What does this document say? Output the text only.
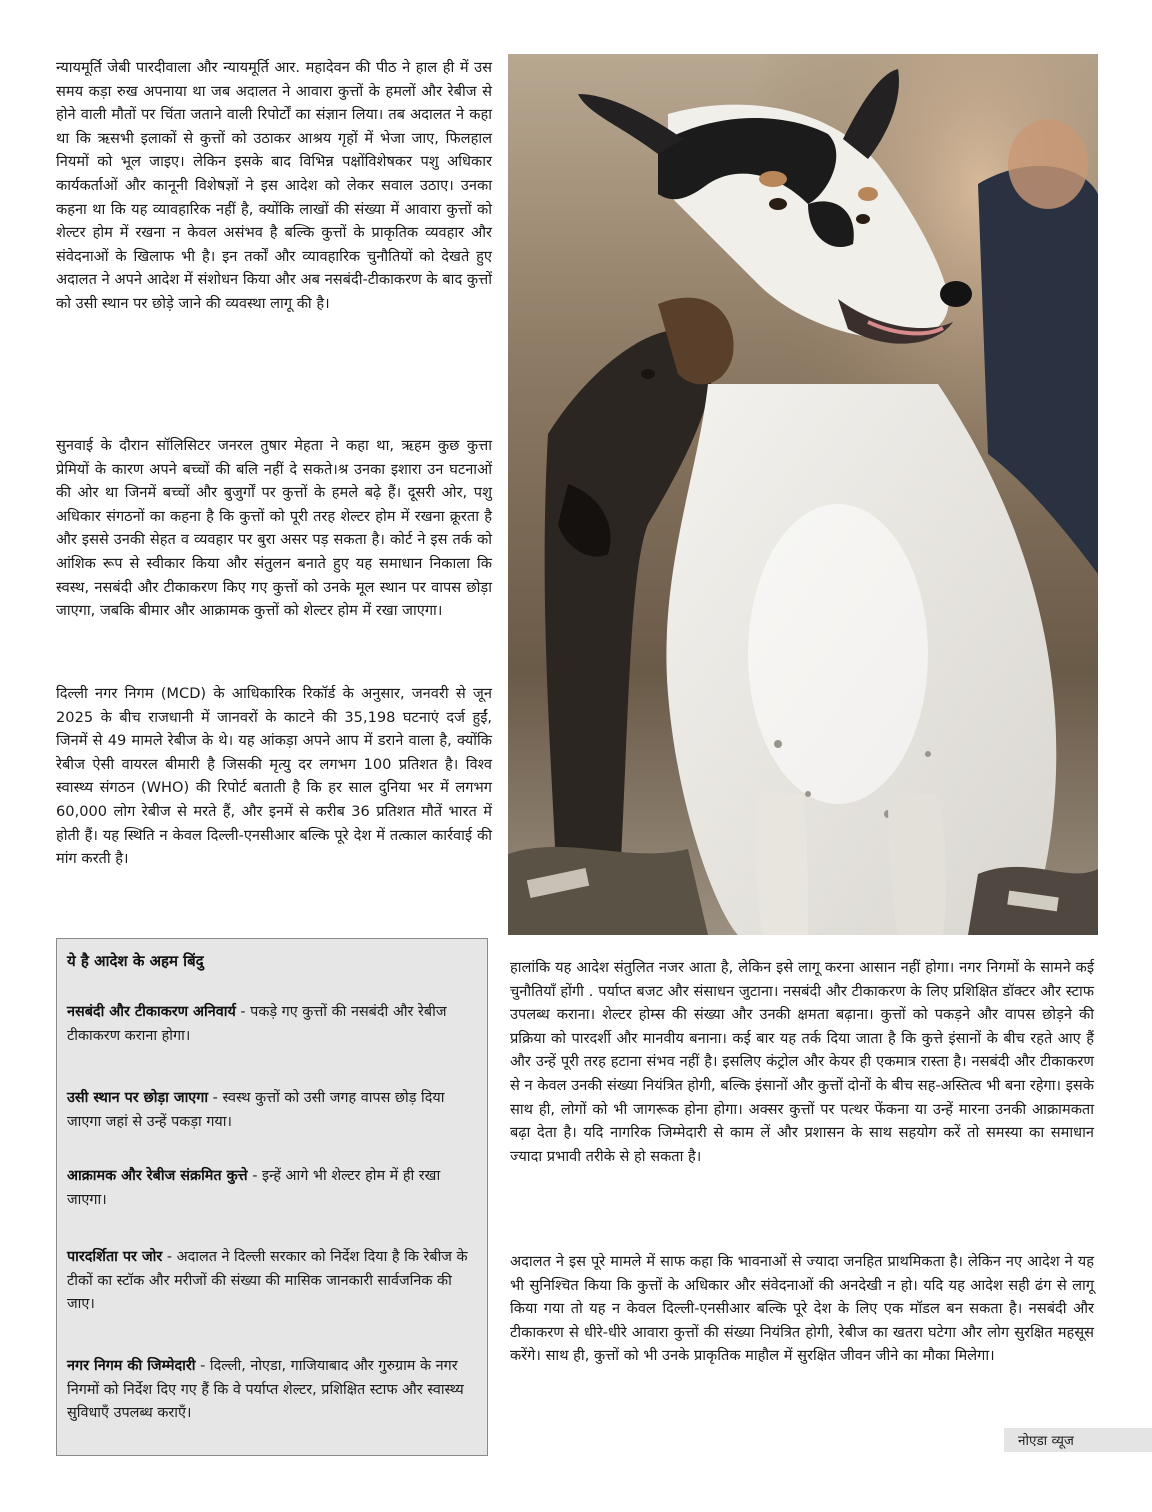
न्यायमूर्ति जेबी पारदीवाला और न्यायमूर्ति आर. महादेवन की पीठ ने हाल ही में उस समय कड़ा रुख अपनाया था जब अदालत ने आवारा कुत्तों के हमलों और रेबीज से होने वाली मौतों पर चिंता जताने वाली रिपोर्टों का संज्ञान लिया। तब अदालत ने कहा था कि ऋसभी इलाकों से कुत्तों को उठाकर आश्रय गृहों में भेजा जाए, फिलहाल नियमों को भूल जाइए। लेकिन इसके बाद विभिन्न पक्षोंविशेषकर पशु अधिकार कार्यकर्ताओं और कानूनी विशेषज्ञों ने इस आदेश को लेकर सवाल उठाए। उनका कहना था कि यह व्यावहारिक नहीं है, क्योंकि लाखों की संख्या में आवारा कुत्तों को शेल्टर होम में रखना न केवल असंभव है बल्कि कुत्तों के प्राकृतिक व्यवहार और संवेदनाओं के खिलाफ भी है। इन तर्कों और व्यावहारिक चुनौतियों को देखते हुए अदालत ने अपने आदेश में संशोधन किया और अब नसबंदी-टीकाकरण के बाद कुत्तों को उसी स्थान पर छोड़े जाने की व्यवस्था लागू की है।

सुनवाई के दौरान सॉलिसिटर जनरल तुषार मेहता ने कहा था, ऋहम कुछ कुत्ता प्रेमियों के कारण अपने बच्चों की बलि नहीं दे सकते।श्र उनका इशारा उन घटनाओं की ओर था जिनमें बच्चों और बुजुर्गों पर कुत्तों के हमले बढ़े हैं। दूसरी ओर, पशु अधिकार संगठनों का कहना है कि कुत्तों को पूरी तरह शेल्टर होम में रखना क्रूरता है और इससे उनकी सेहत व व्यवहार पर बुरा असर पड़ सकता है। कोर्ट ने इस तर्क को आंशिक रूप से स्वीकार किया और संतुलन बनाते हुए यह समाधान निकाला कि स्वस्थ, नसबंदी और टीकाकरण किए गए कुत्तों को उनके मूल स्थान पर वापस छोड़ा जाएगा, जबकि बीमार और आक्रामक कुत्तों को शेल्टर होम में रखा जाएगा।

दिल्ली नगर निगम (MCD) के आधिकारिक रिकॉर्ड के अनुसार, जनवरी से जून 2025 के बीच राजधानी में जानवरों के काटने की 35,198 घटनाएं दर्ज हुईं, जिनमें से 49 मामले रेबीज के थे। यह आंकड़ा अपने आप में डराने वाला है, क्योंकि रेबीज ऐसी वायरल बीमारी है जिसकी मृत्यु दर लगभग 100 प्रतिशत है। विश्व स्वास्थ्य संगठन (WHO) की रिपोर्ट बताती है कि हर साल दुनिया भर में लगभग 60,000 लोग रेबीज से मरते हैं, और इनमें से करीब 36 प्रतिशत मौतें भारत में होती हैं। यह स्थिति न केवल दिल्ली-एनसीआर बल्कि पूरे देश में तत्काल कार्रवाई की मांग करती है।

ये है आदेश के अहम बिंदु

नसबंदी और टीकाकरण अनिवार्य - पकड़े गए कुत्तों की नसबंदी और रेबीज टीकाकरण कराना होगा।

उसी स्थान पर छोड़ा जाएगा - स्वस्थ कुत्तों को उसी जगह वापस छोड़ दिया जाएगा जहां से उन्हें पकड़ा गया।

आक्रामक और रेबीज संक्रमित कुत्ते - इन्हें आगे भी शेल्टर होम में ही रखा जाएगा।

पारदर्शिता पर जोर - अदालत ने दिल्ली सरकार को निर्देश दिया है कि रेबीज के टीकों का स्टॉक और मरीजों की संख्या की मासिक जानकारी सार्वजनिक की जाए।

नगर निगम की जिम्मेदारी - दिल्ली, नोएडा, गाजियाबाद और गुरुग्राम के नगर निगमों को निर्देश दिए गए हैं कि वे पर्याप्त शेल्टर, प्रशिक्षित स्टाफ और स्वास्थ्य सुविधाएँ उपलब्ध कराएँ।

हालांकि यह आदेश संतुलित नजर आता है, लेकिन इसे लागू करना आसान नहीं होगा। नगर निगमों के सामने कई चुनौतियाँ होंगी . पर्याप्त बजट और संसाधन जुटाना। नसबंदी और टीकाकरण के लिए प्रशिक्षित डॉक्टर और स्टाफ उपलब्ध कराना। शेल्टर होम्स की संख्या और उनकी क्षमता बढ़ाना। कुत्तों को पकड़ने और वापस छोड़ने की प्रक्रिया को पारदर्शी और मानवीय बनाना। कई बार यह तर्क दिया जाता है कि कुत्ते इंसानों के बीच रहते आए हैं और उन्हें पूरी तरह हटाना संभव नहीं है। इसलिए कंट्रोल और केयर ही एकमात्र रास्ता है। नसबंदी और टीकाकरण से न केवल उनकी संख्या नियंत्रित होगी, बल्कि इंसानों और कुत्तों दोनों के बीच सह-अस्तित्व भी बना रहेगा। इसके साथ ही, लोगों को भी जागरूक होना होगा। अक्सर कुत्तों पर पत्थर फेंकना या उन्हें मारना उनकी आक्रामकता बढ़ा देता है। यदि नागरिक जिम्मेदारी से काम लें और प्रशासन के साथ सहयोग करें तो समस्या का समाधान ज्यादा प्रभावी तरीके से हो सकता है।

अदालत ने इस पूरे मामले में साफ कहा कि भावनाओं से ज्यादा जनहित प्राथमिकता है। लेकिन नए आदेश ने यह भी सुनिश्चित किया कि कुत्तों के अधिकार और संवेदनाओं की अनदेखी न हो। यदि यह आदेश सही ढंग से लागू किया गया तो यह न केवल दिल्ली-एनसीआर बल्कि पूरे देश के लिए एक मॉडल बन सकता है। नसबंदी और टीकाकरण से धीरे-धीरे आवारा कुत्तों की संख्या नियंत्रित होगी, रेबीज का खतरा घटेगा और लोग सुरक्षित महसूस करेंगे। साथ ही, कुत्तों को भी उनके प्राकृतिक माहौल में सुरक्षित जीवन जीने का मौका मिलेगा।

नोएडा व्यूज
